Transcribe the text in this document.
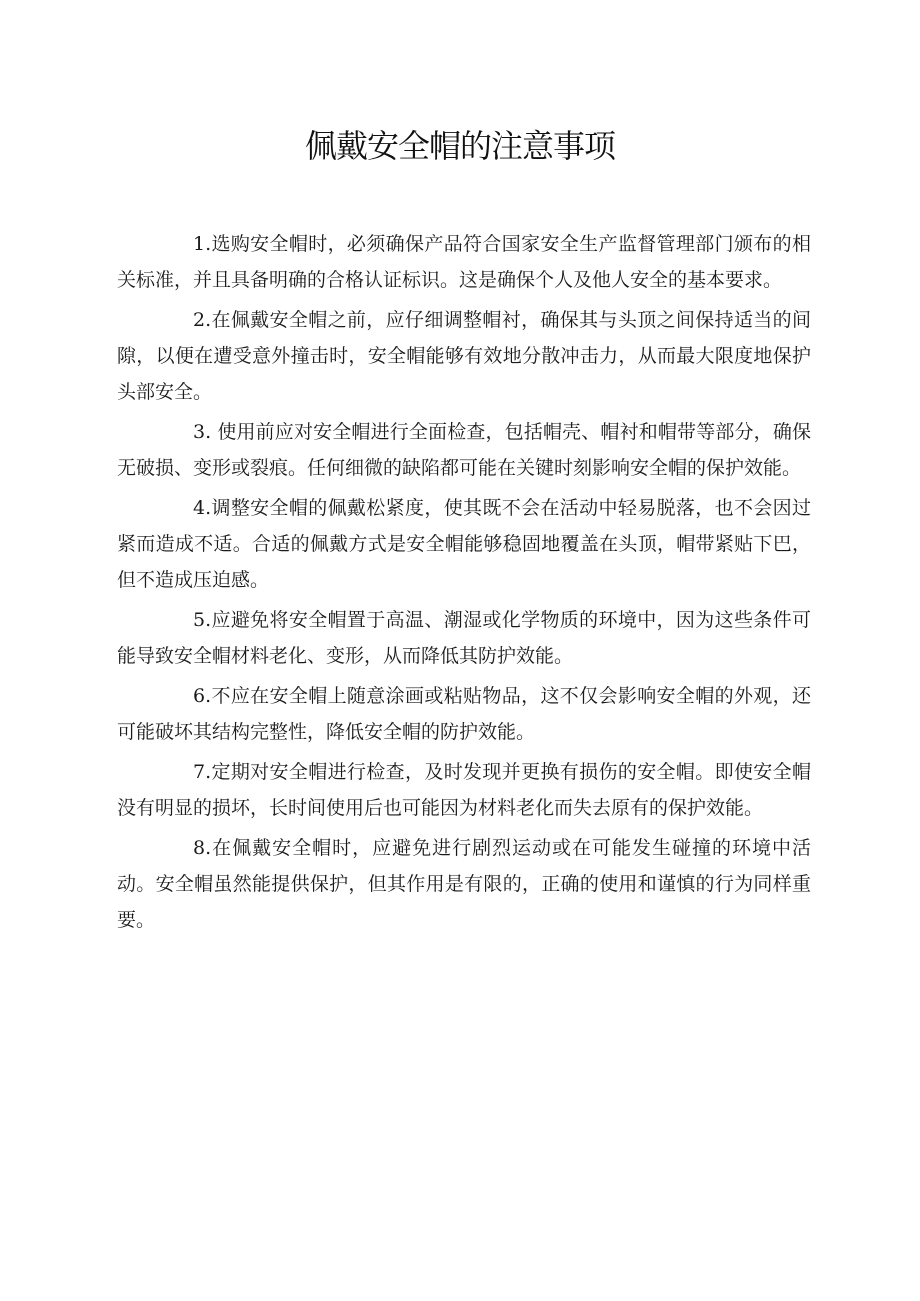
佩戴安全帽的注意事项

1.选购安全帽时，必须确保产品符合国家安全生产监督管理部门颁布的相关标准，并且具备明确的合格认证标识。这是确保个人及他人安全的基本要求。

2.在佩戴安全帽之前，应仔细调整帽衬，确保其与头顶之间保持适当的间隙，以便在遭受意外撞击时，安全帽能够有效地分散冲击力，从而最大限度地保护头部安全。

3. 使用前应对安全帽进行全面检查，包括帽壳、帽衬和帽带等部分，确保无破损、变形或裂痕。任何细微的缺陷都可能在关键时刻影响安全帽的保护效能。

4.调整安全帽的佩戴松紧度，使其既不会在活动中轻易脱落，也不会因过紧而造成不适。合适的佩戴方式是安全帽能够稳固地覆盖在头顶，帽带紧贴下巴，但不造成压迫感。

5.应避免将安全帽置于高温、潮湿或化学物质的环境中，因为这些条件可能导致安全帽材料老化、变形，从而降低其防护效能。

6.不应在安全帽上随意涂画或粘贴物品，这不仅会影响安全帽的外观，还可能破坏其结构完整性，降低安全帽的防护效能。

7.定期对安全帽进行检查，及时发现并更换有损伤的安全帽。即使安全帽没有明显的损坏，长时间使用后也可能因为材料老化而失去原有的保护效能。

8.在佩戴安全帽时，应避免进行剧烈运动或在可能发生碰撞的环境中活动。安全帽虽然能提供保护，但其作用是有限的，正确的使用和谨慎的行为同样重要。
